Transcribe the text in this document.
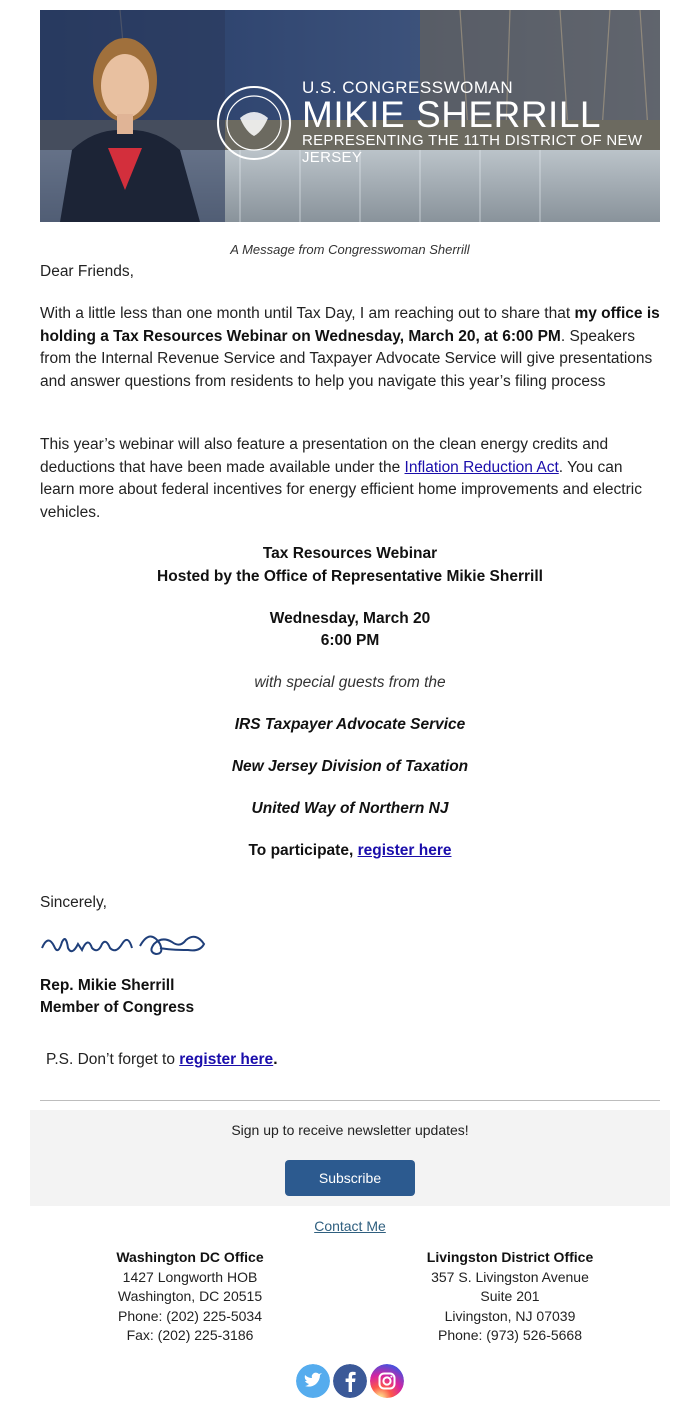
U.S. CONGRESSWOMAN
MIKIE SHERRILL
REPRESENTING THE 11TH DISTRICT OF NEW JERSEY
A Message from Congresswoman Sherrill
Dear Friends,
With a little less than one month until Tax Day, I am reaching out to share that my office is holding a Tax Resources Webinar on Wednesday, March 20, at 6:00 PM. Speakers from the Internal Revenue Service and Taxpayer Advocate Service will give presentations and answer questions from residents to help you navigate this year’s filing process
This year’s webinar will also feature a presentation on the clean energy credits and deductions that have been made available under the Inflation Reduction Act. You can learn more about federal incentives for energy efficient home improvements and electric vehicles.
Tax Resources Webinar
Hosted by the Office of Representative Mikie Sherrill
Wednesday, March 20
6:00 PM
with special guests from the
IRS Taxpayer Advocate Service
New Jersey Division of Taxation
United Way of Northern NJ
To participate, register here
Sincerely,
Rep. Mikie Sherrill
Member of Congress
P.S. Don’t forget to register here.
Sign up to receive newsletter updates!
Subscribe
Contact Me
Washington DC Office
1427 Longworth HOB
Washington, DC 20515
Phone: (202) 225-5034
Fax: (202) 225-3186
Livingston District Office
357 S. Livingston Avenue
Suite 201
Livingston, NJ 07039
Phone: (973) 526-5668
